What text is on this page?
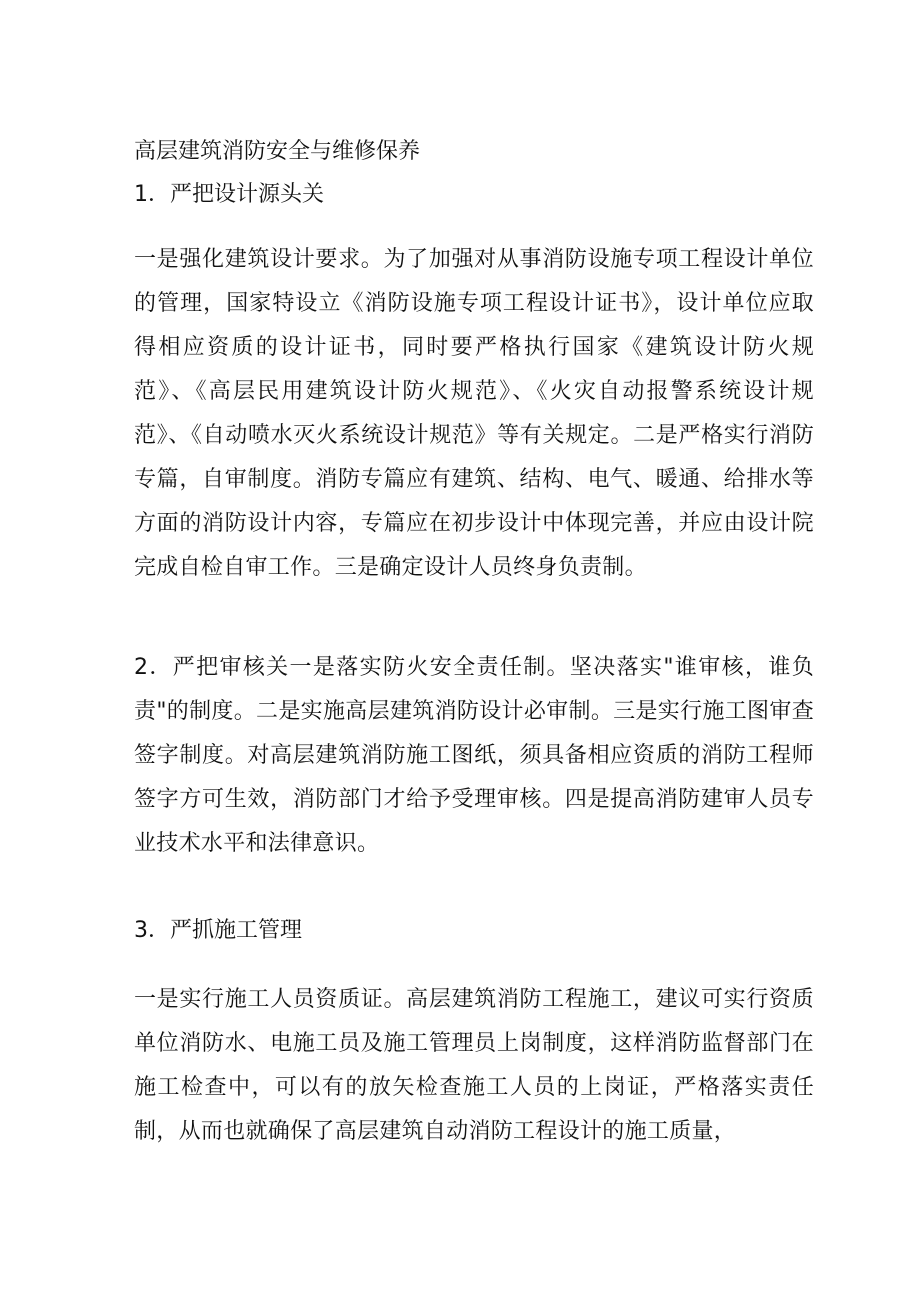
高层建筑消防安全与维修保养
1．严把设计源头关
一是强化建筑设计要求。为了加强对从事消防设施专项工程设计单位的管理，国家特设立《消防设施专项工程设计证书》，设计单位应取得相应资质的设计证书，同时要严格执行国家《建筑设计防火规范》、《高层民用建筑设计防火规范》、《火灾自动报警系统设计规范》、《自动喷水灭火系统设计规范》等有关规定。二是严格实行消防专篇，自审制度。消防专篇应有建筑、结构、电气、暖通、给排水等方面的消防设计内容，专篇应在初步设计中体现完善，并应由设计院完成自检自审工作。三是确定设计人员终身负责制。
2．严把审核关一是落实防火安全责任制。坚决落实"谁审核，谁负责"的制度。二是实施高层建筑消防设计必审制。三是实行施工图审查签字制度。对高层建筑消防施工图纸，须具备相应资质的消防工程师签字方可生效，消防部门才给予受理审核。四是提高消防建审人员专业技术水平和法律意识。
3．严抓施工管理
一是实行施工人员资质证。高层建筑消防工程施工，建议可实行资质单位消防水、电施工员及施工管理员上岗制度，这样消防监督部门在施工检查中，可以有的放矢检查施工人员的上岗证，严格落实责任制，从而也就确保了高层建筑自动消防工程设计的施工质量，
